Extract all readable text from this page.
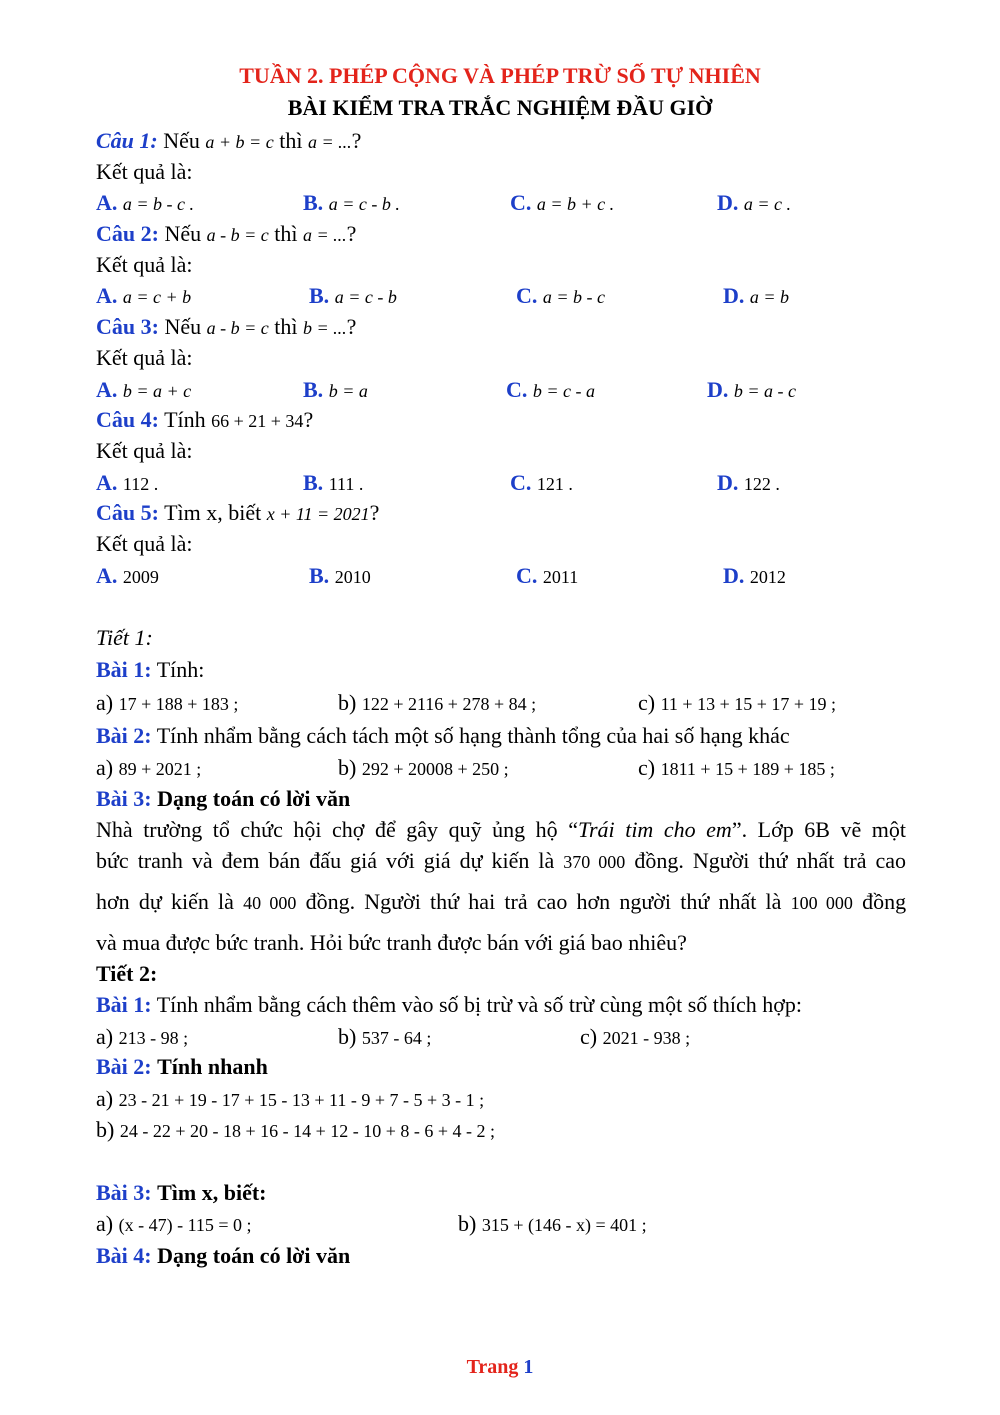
TUẦN 2. PHÉP CỘNG VÀ PHÉP TRỪ SỐ TỰ NHIÊN
BÀI KIỂM TRA TRẮC NGHIỆM ĐẦU GIỜ
Câu 1: Nếu a + b = c thì a = ...?
Kết quả là:
A. a = b - c .	B. a = c - b .	C. a = b + c .	D. a = c .
Câu 2: Nếu a - b = c thì a = ...?
Kết quả là:
A. a = c + b	B. a = c - b	C. a = b - c	D. a = b
Câu 3: Nếu a - b = c thì b = ...?
Kết quả là:
A. b = a + c	B. b = a	C. b = c - a	D. b = a - c
Câu 4: Tính 66 + 21 + 34?
Kết quả là:
A. 112 .	B. 111 .	C. 121 .	D. 122 .
Câu 5: Tìm x, biết x + 11 = 2021?
Kết quả là:
A. 2009	B. 2010	C. 2011	D. 2012
Tiết 1:
Bài 1: Tính:
a) 17 + 188 + 183 ;	b) 122 + 2116 + 278 + 84 ;	c) 11 + 13 + 15 + 17 + 19 ;
Bài 2: Tính nhẩm bằng cách tách một số hạng thành tổng của hai số hạng khác
a) 89 + 2021 ;	b) 292 + 20008 + 250 ;	c) 1811 + 15 + 189 + 185 ;
Bài 3: Dạng toán có lời văn
Nhà trường tổ chức hội chợ để gây quỹ ủng hộ “Trái tim cho em”. Lớp 6B vẽ một
bức tranh và đem bán đấu giá với giá dự kiến là 370 000 đồng. Người thứ nhất trả cao
hơn dự kiến là 40 000 đồng. Người thứ hai trả cao hơn người thứ nhất là 100 000 đồng
và mua được bức tranh. Hỏi bức tranh được bán với giá bao nhiêu?
Tiết 2:
Bài 1: Tính nhẩm bằng cách thêm vào số bị trừ và số trừ cùng một số thích hợp:
a) 213 - 98 ;	b) 537 - 64 ;	c) 2021 - 938 ;
Bài 2: Tính nhanh
a) 23 - 21 + 19 - 17 + 15 - 13 + 11 - 9 + 7 - 5 + 3 - 1 ;
b) 24 - 22 + 20 - 18 + 16 - 14 + 12 - 10 + 8 - 6 + 4 - 2 ;
Bài 3: Tìm x, biết:
a) (x - 47) - 115 = 0 ;	b) 315 + (146 - x) = 401 ;
Bài 4: Dạng toán có lời văn
Trang 1
